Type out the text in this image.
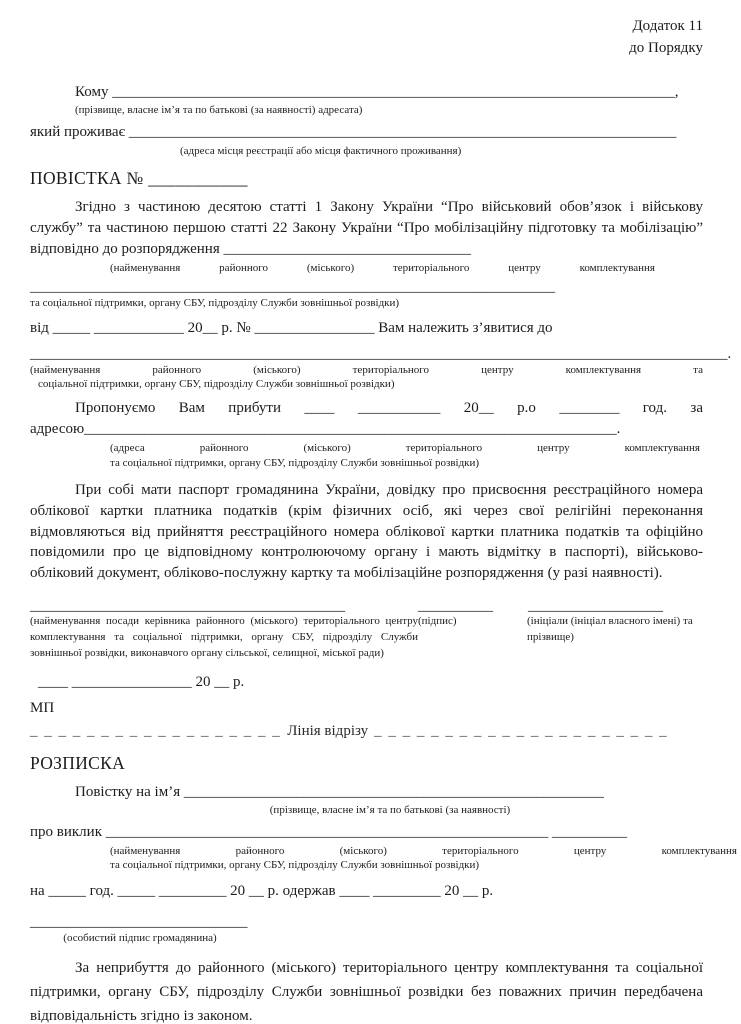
Додаток 11
до Порядку
Кому ___________________________________________________________________________,
(прізвище, власне ім’я та по батькові (за наявності) адресата)
який проживає _________________________________________________________________________
(адреса місця реєстрації або місця фактичного проживання)
ПОВІСТКА № ___________
Згідно з частиною десятою статті 1 Закону України “Про військовий обов’язок і військову службу” та частиною першою статті 22 Закону України “Про мобілізаційну підготовку та мобілізацію” відповідно до розпорядження _________________________________
(найменування районного (міського) територіального центру комплектування
______________________________________________________________________
та соціальної підтримки, органу СБУ, підрозділу Служби зовнішньої розвідки)
від _____ ____________ 20__ р. № ________________ Вам належить з’явитися до
_____________________________________________________________________________________________.
(найменування районного (міського) територіального центру комплектування та
соціальної підтримки, органу СБУ, підрозділу Служби зовнішньої розвідки)
Пропонуємо Вам прибути ____ ___________ 20__ р.о ________ год. за
адресою_______________________________________________________________________.
(адреса районного (міського) територіального центру комплектування
та соціальної підтримки, органу СБУ, підрозділу Служби зовнішньої розвідки)
При собі мати паспорт громадянина України, довідку про присвоєння реєстраційного номера облікової картки платника податків (крім фізичних осіб, які через свої релігійні переконання відмовляються від прийняття реєстраційного номера облікової картки платника податків та офіційно повідомили про це відповідному контролюючому органу і мають відмітку в паспорті), військово-обліковий документ, обліково-послужну картку та мобілізаційне розпорядження (у разі наявності).
__________________________________________	__________	__________________
(найменування посади керівника районного (міського) територіального центру комплектування та соціальної підтримки, органу СБУ, підрозділу Служби зовнішньої розвідки, виконавчого органу сільської, селищної, міської ради)
(підпис)	(ініціали (ініціал власного імені) та прізвище)
____ ________________ 20 __ р.
МП
_ _ _ _ _ _ _ _ _ _ _ _ _ _ _ _ _ _ Лінія відрізу _ _ _ _ _ _ _ _ _ _ _ _ _ _ _ _ _ _ _ _ _
РОЗПИСКА
Повістку на ім’я ________________________________________________________
(прізвище, власне ім’я та по батькові (за наявності)
про виклик ___________________________________________________________ __________
(найменування районного (міського) територіального центру комплектування
та соціальної підтримки, органу СБУ, підрозділу Служби зовнішньої розвідки)
на _____ год. _____ _________ 20 __ р. одержав ____ _________ 20 __ р.
_____________________________
(особистий підпис громадянина)
За неприбуття до районного (міського) територіального центру комплектування та соціальної підтримки, органу СБУ, підрозділу Служби зовнішньої розвідки без поважних причин передбачена відповідальність згідно із законом.
